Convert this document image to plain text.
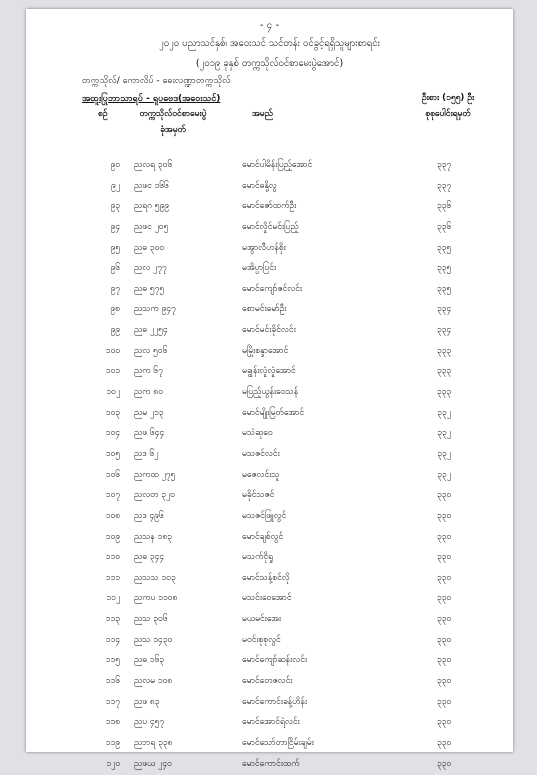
- ၄ -
၂၀၂၀ ပညာသင်နှစ်၊ အဝေးသင် သင်တန်း ဝင်ခွင့်ရရှိသူများစာရင်း
(၂၀၁၉ ခုနှစ် တက္ကသိုလ်ဝင်စာမေးပွဲအောင်)
တက္ကသိုလ်/ ကောလိပ် - ဓေးလဏ္ဍာတက္ကသိုလ်
အထူးပြုဘာသာရပ် - ရူပဗေဒ(အဝေးသင်)	ဦးစား (၁၅၅) ဦး
စုစုပေါင်းရမှတ်
စဉ်	တက္ကသိုလ်ဝင်စာမေးပွဲ
ခုံအမှတ်
အမည်
၉၀ ညလရ ၃၀၆	မောင်ပါမိန်းပြည့်အောင်	၃၃၇
၉၂ ညဖင ၁၆၆	မောင်ဓနို့လွ	၃၃၇
၉၃ ညရဂ ၅၉၉	မောင်ဇော်ထက်ဦး	၃၃၆
၉၄ ညဖင ၂၀၅	မောင်လှိုင်မင်းပြည့်	၃၃၆
၉၅ ညဓ ၃၀၀	မအွာလီဟန်စိုး	၃၃၅
၉၆ ညလ ၂၇၇	မအိပ္ပာပြင်း	၃၃၅
၉၇ ညဓ ၅၇၅	မောင်ကျော်ဇင်လင်း	၃၃၅
၉၈ ညသက ၉၄၇	စောမင်းမော်ဦး	၃၃၄
၉၉ ညဓ ၂၂၅၄	မောင်မင်းခိုင်လင်း	၃၃၄
၁၀၀ ညလ ၅၀၆	မမြိုးစန္ဒာအောင်	၃၃၃
၁၀၁ ညက ၆၇	မချွန်းလှုံလှုံအောင်	၃၃၃
၁၀၂ ညက ၈၀	မပြည့်ယွန်းဝေသန်	၃၃၃
၁၀၃ ညမ ၂၁၃	မောင်မျိုးမြတ်အောင်	၃၃၂
၁၀၄ ညဖ ၆၄၄	မသဲဆုဝေ	၃၃၂
၁၀၅ ညဒ ၆၂	မသဇင်လင်း	၃၃၂
၁၀၆ ညကထ ၂၇၅	မဇေလင်းသူ	၃၃၂
၁၀၇ ညလတ ၃၂၀	မခိုင်သဇင်	၃၃၀
၁၀၈ ညဒ ၄၉၆	မသဇင်ဖြူလွင်	၃၃၀
၁၀၉ ညသန ၁၈၃	မောင်ချစ်လွင်	၃၃၀
၁၁၀ ညဓ ၃၄၄	မသက်ငိုရှု	၃၃၀
၁၁၁ ညသသ ၁၀၃	မောင်သန့်စင်လို	၃၃၀
၁၁၂ ညကပ ၁၁၀၈	မသင်းဝေအောင်	၃၃၀
၁၁၃ ညသ ၃၀၆	မယမင်းအေး	၃၃၀
၁၁၄ ညသ ၁၄၃၀	မဝင်းစုစုလွင်	၃၃၀
၁၁၅ ညဓ ၁၆၃	မောင်ကျော်ဆန်းလင်း	၃၃၀
၁၁၆ ညလမ ၁၀၈	မောင်တေဇလင်း	၃၃၀
၁၁၇ ညဖ ၈၃	မောင်ကောင်းခန့်ဟိန်း	၃၃၀
၁၁၈ ညပ ၄၅၇	မောင်အောင်ရဲလင်း	၃၃၀
၁၁၉ ညဘရ ၃၃၈	မောင်သော်တာငြိမ်းချမ်း	၃၃၀
၁၂၀ ညဖယ ၂၄၀	မောင်ကောင်းထက်	၃၃၀
